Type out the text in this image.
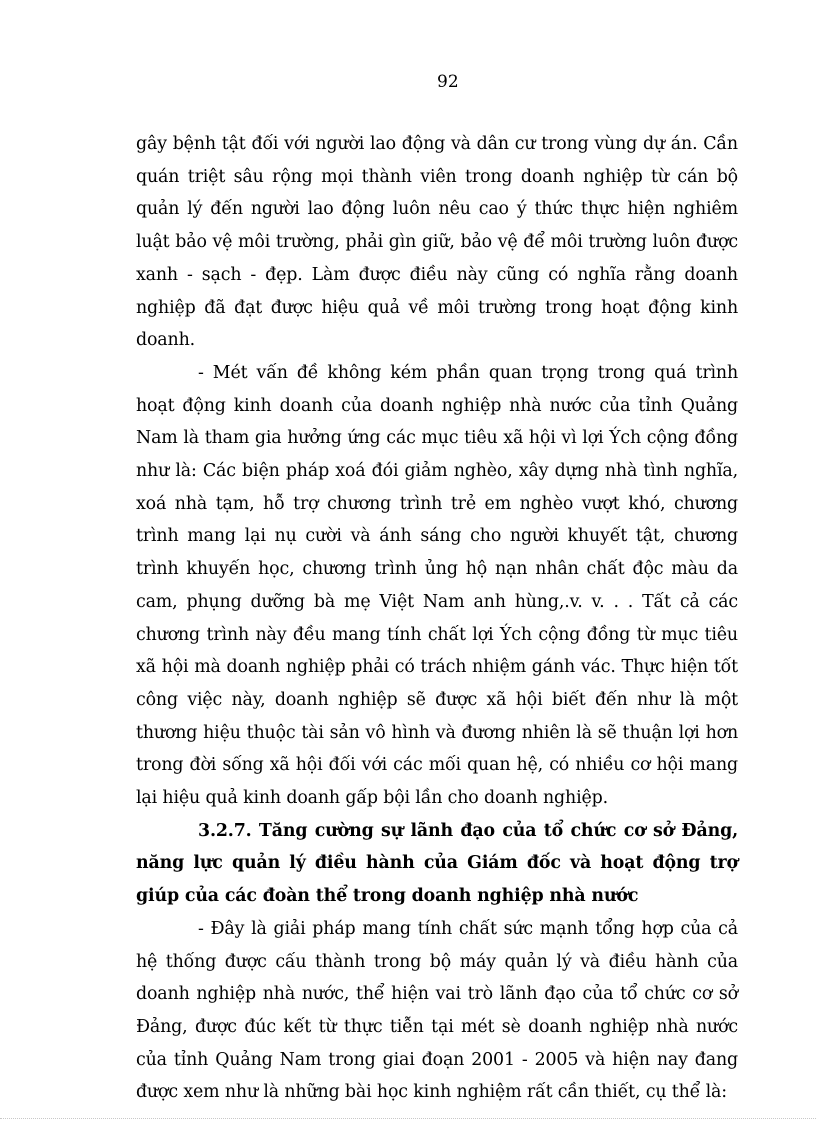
92

gây bệnh tật đối với người lao động và dân cư trong vùng dự án. Cần quán triệt sâu rộng mọi thành viên trong doanh nghiệp từ cán bộ quản lý đến người lao động luôn nêu cao ý thức thực hiện nghiêm luật bảo vệ môi trường, phải gìn giữ, bảo vệ để môi trường luôn được xanh - sạch - đẹp. Làm được điều này cũng có nghĩa rằng doanh nghiệp đã đạt được hiệu quả về môi trường trong hoạt động kinh doanh.

- Mét vấn đề không kém phần quan trọng trong quá trình hoạt động kinh doanh của doanh nghiệp nhà nước của tỉnh Quảng Nam là tham gia hưởng ứng các mục tiêu xã hội vì lợi Ých cộng đồng như là: Các biện pháp xoá đói giảm nghèo, xây dựng nhà tình nghĩa, xoá nhà tạm, hỗ trợ chương trình trẻ em nghèo vượt khó, chương trình mang lại nụ cười và ánh sáng cho người khuyết tật, chương trình khuyến học, chương trình ủng hộ nạn nhân chất độc màu da cam, phụng dưỡng bà mẹ Việt Nam anh hùng,.v. v. . . Tất cả các chương trình này đều mang tính chất lợi Ých cộng đồng từ mục tiêu xã hội mà doanh nghiệp phải có trách nhiệm gánh vác. Thực hiện tốt công việc này, doanh nghiệp sẽ được xã hội biết đến như là một thương hiệu thuộc tài sản vô hình và đương nhiên là sẽ thuận lợi hơn trong đời sống xã hội đối với các mối quan hệ, có nhiều cơ hội mang lại hiệu quả kinh doanh gấp bội lần cho doanh nghiệp.

3.2.7. Tăng cường sự lãnh đạo của tổ chức cơ sở Đảng, năng lực quản lý điều hành của Giám đốc và hoạt động trợ giúp của các đoàn thể trong doanh nghiệp nhà nước

- Đây là giải pháp mang tính chất sức mạnh tổng hợp của cả hệ thống được cấu thành trong bộ máy quản lý và điều hành của doanh nghiệp nhà nước, thể hiện vai trò lãnh đạo của tổ chức cơ sở Đảng, được đúc kết từ thực tiễn tại mét sè doanh nghiệp nhà nước của tỉnh Quảng Nam trong giai đoạn 2001 - 2005 và hiện nay đang được xem như là những bài học kinh nghiệm rất cần thiết, cụ thể là:
